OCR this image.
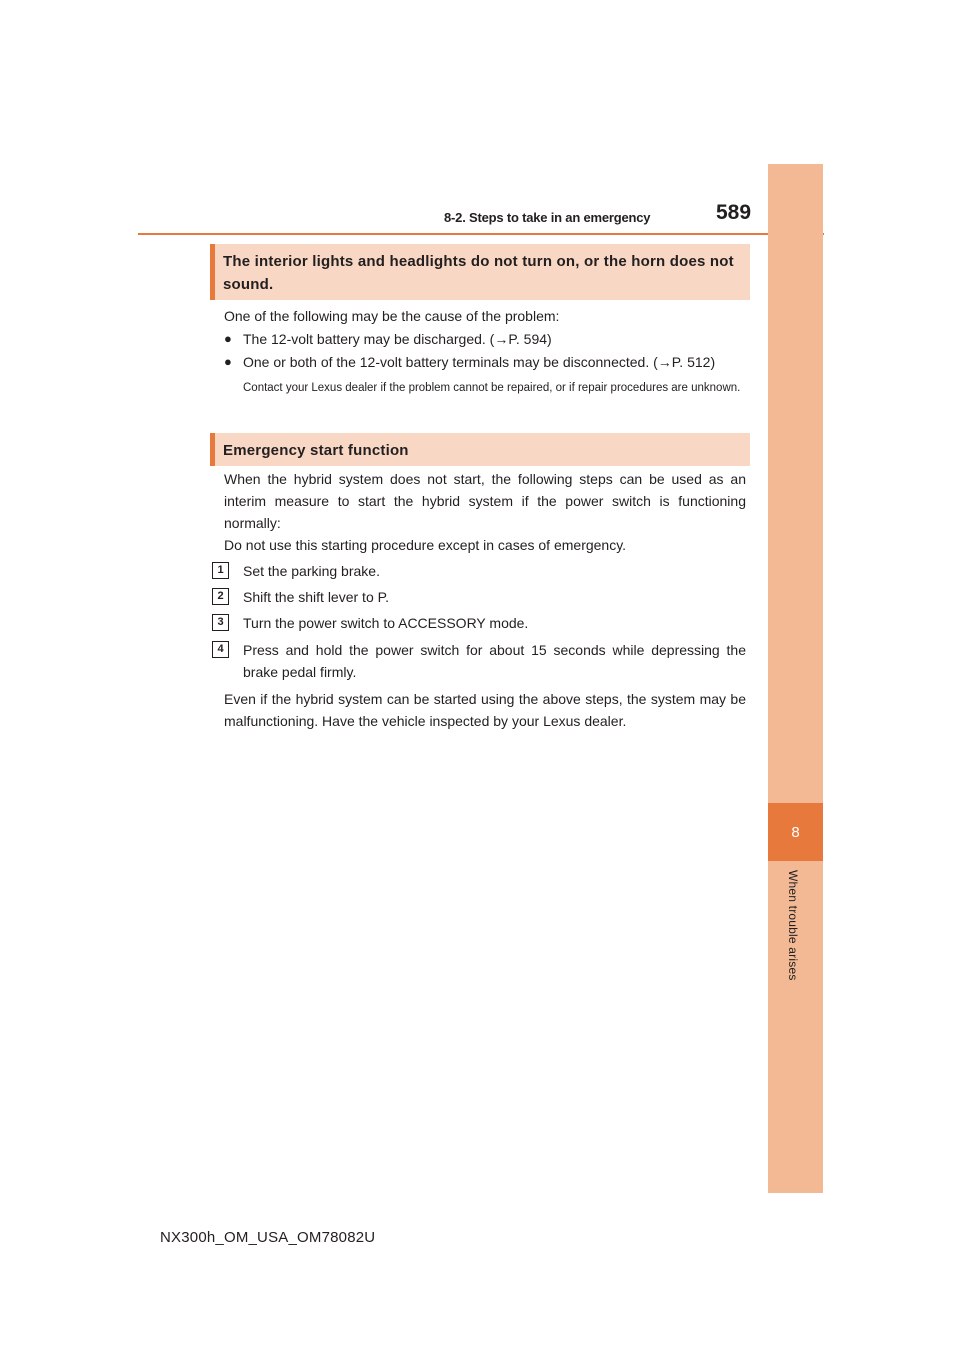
8-2. Steps to take in an emergency	589
8
When trouble arises
The interior lights and headlights do not turn on, or the horn does not sound.
One of the following may be the cause of the problem:
● The 12-volt battery may be discharged. (→P. 594)
● One or both of the 12-volt battery terminals may be disconnected. (→P. 512)
Contact your Lexus dealer if the problem cannot be repaired, or if repair procedures are unknown.
Emergency start function
When the hybrid system does not start, the following steps can be used as an interim measure to start the hybrid system if the power switch is functioning normally:
Do not use this starting procedure except in cases of emergency.
1	Set the parking brake.
2	Shift the shift lever to P.
3	Turn the power switch to ACCESSORY mode.
4	Press and hold the power switch for about 15 seconds while depressing the brake pedal firmly.
Even if the hybrid system can be started using the above steps, the system may be malfunctioning. Have the vehicle inspected by your Lexus dealer.
NX300h_OM_USA_OM78082U
